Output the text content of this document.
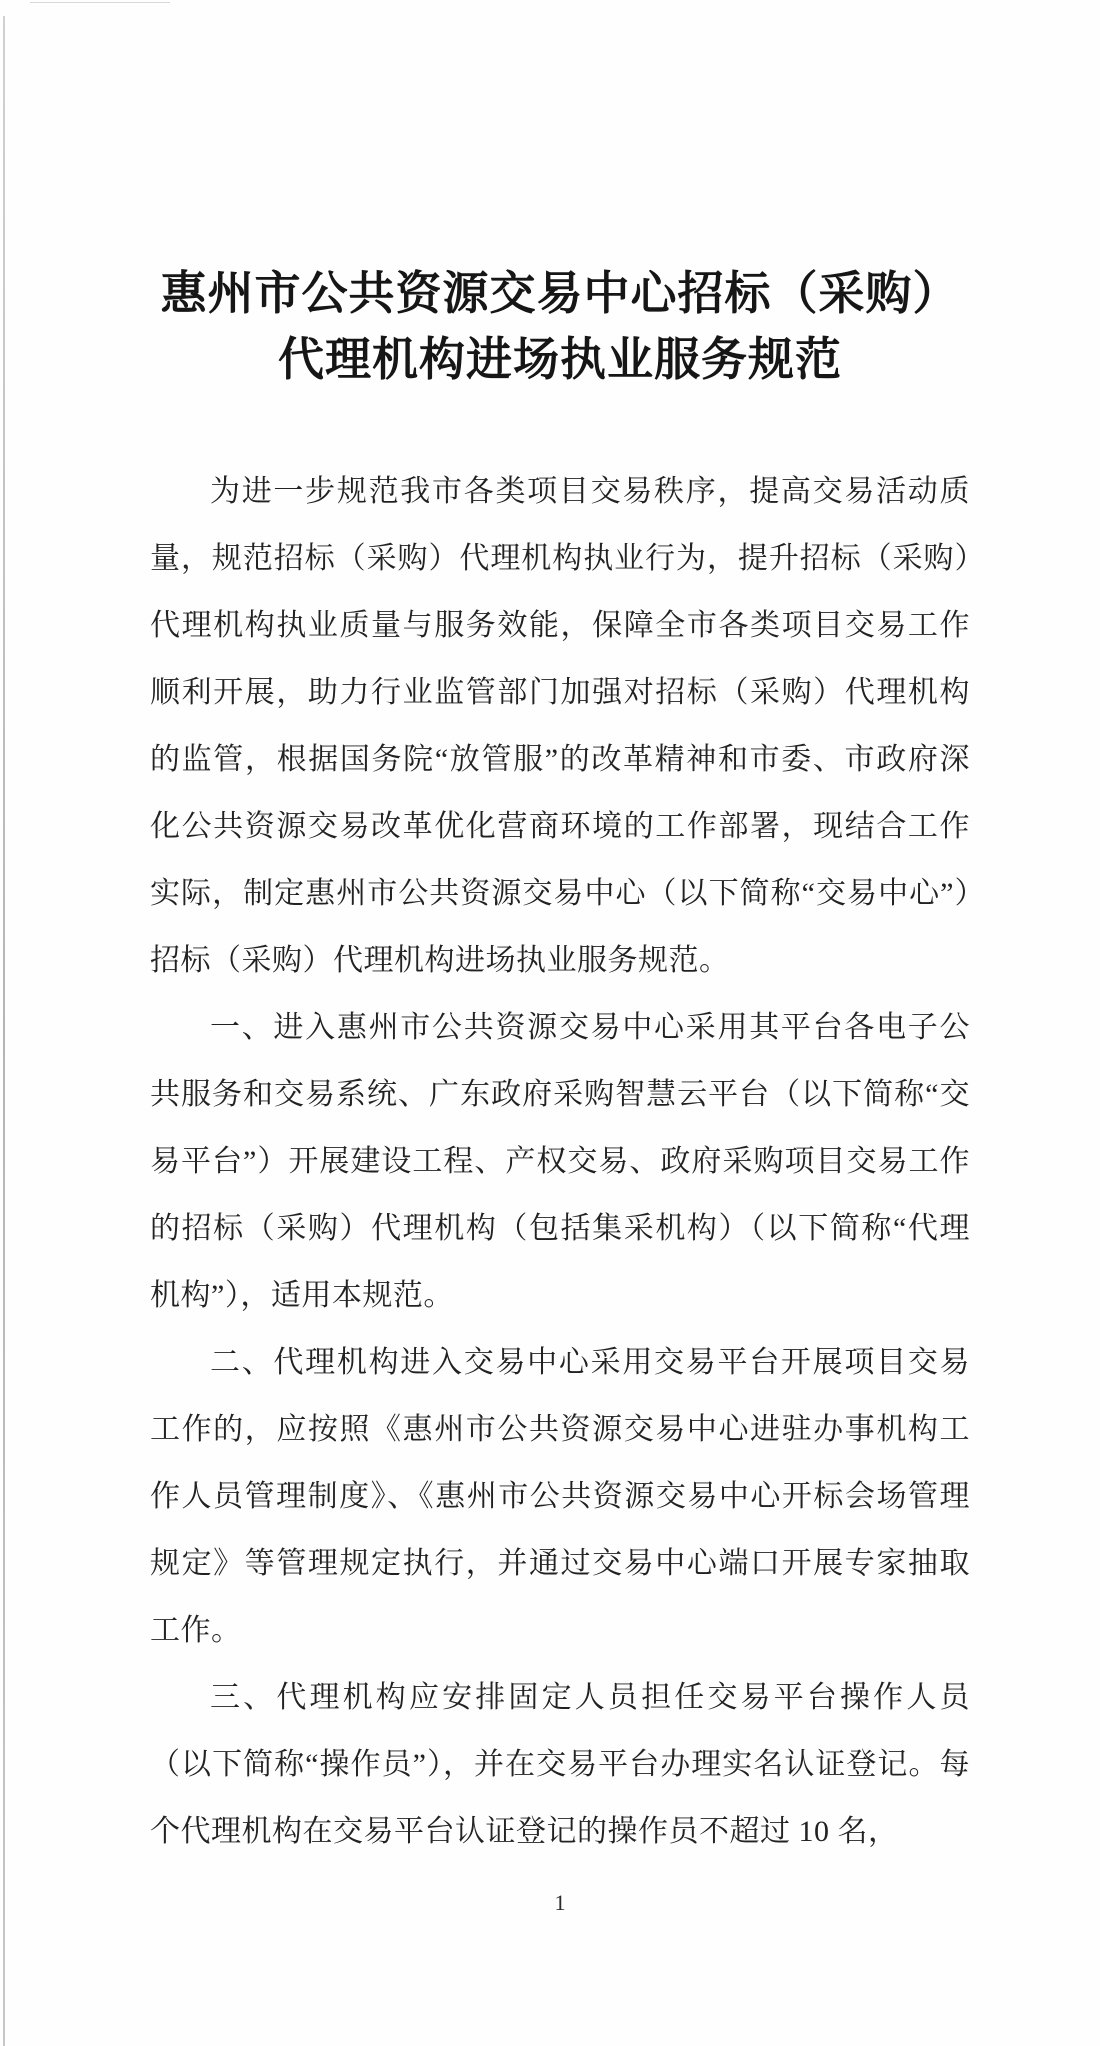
惠州市公共资源交易中心招标（采购）
代理机构进场执业服务规范

为进一步规范我市各类项目交易秩序，提高交易活动质量，规范招标（采购）代理机构执业行为，提升招标（采购）代理机构执业质量与服务效能，保障全市各类项目交易工作顺利开展，助力行业监管部门加强对招标（采购）代理机构的监管，根据国务院“放管服”的改革精神和市委、市政府深化公共资源交易改革优化营商环境的工作部署，现结合工作实际，制定惠州市公共资源交易中心（以下简称“交易中心”）招标（采购）代理机构进场执业服务规范。

一、进入惠州市公共资源交易中心采用其平台各电子公共服务和交易系统、广东政府采购智慧云平台（以下简称“交易平台”）开展建设工程、产权交易、政府采购项目交易工作的招标（采购）代理机构（包括集采机构）（以下简称“代理机构”），适用本规范。

二、代理机构进入交易中心采用交易平台开展项目交易工作的，应按照《惠州市公共资源交易中心进驻办事机构工作人员管理制度》、《惠州市公共资源交易中心开标会场管理规定》等管理规定执行，并通过交易中心端口开展专家抽取工作。

三、代理机构应安排固定人员担任交易平台操作人员（以下简称“操作员”），并在交易平台办理实名认证登记。每个代理机构在交易平台认证登记的操作员不超过 10 名，

1
